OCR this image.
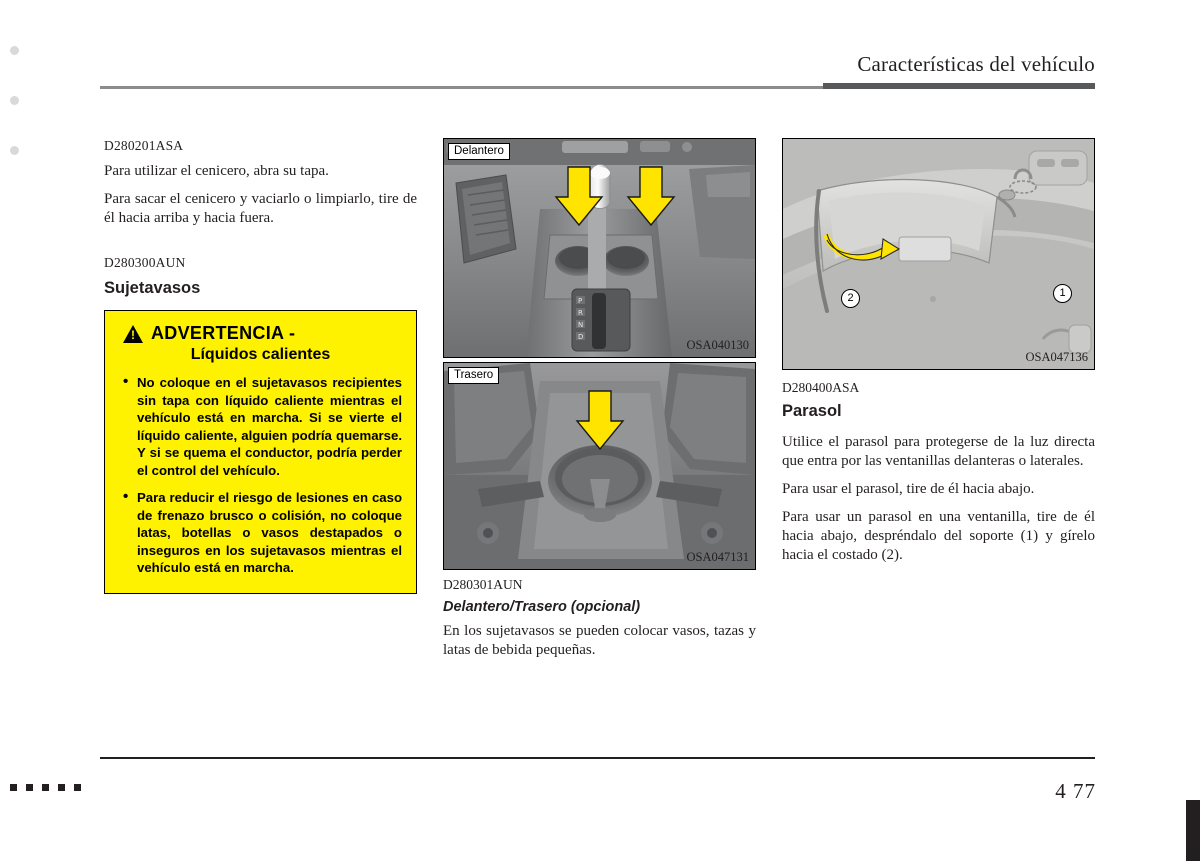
Características del vehículo
D280201ASA

Para utilizar el cenicero, abra su tapa.

Para sacar el cenicero y vaciarlo o limpiarlo, tire de él hacia arriba y hacia fuera.

D280300AUN
Sujetavasos
!
ADVERTENCIA -
Líquidos calientes
• No coloque en el sujetavasos recipientes sin tapa con líquido caliente mientras el vehículo está en marcha. Si se vierte el líquido caliente, alguien podría quemarse. Y si se quema el conductor, podría perder el control del vehículo.
• Para reducir el riesgo de lesiones en caso de frenazo brusco o colisión, no coloque latas, botellas o vasos destapados o inseguros en los sujetavasos mientras el vehículo está en marcha.
P
R
N
D
Delantero
OSA040130
Trasero
OSA047131
D280301AUN
Delantero/Trasero (opcional)

En los sujetavasos se pueden colocar vasos, tazas y latas de bebida pequeñas.

1
2
OSA047136
D280400ASA
Parasol

Utilice el parasol para protegerse de la luz directa que entra por las ventanillas delanteras o laterales.

Para usar el parasol, tire de él hacia abajo.

Para usar un parasol en una ventanilla, tire de él hacia abajo, despréndalo del soporte (1) y gírelo hacia el costado (2).

4 77
